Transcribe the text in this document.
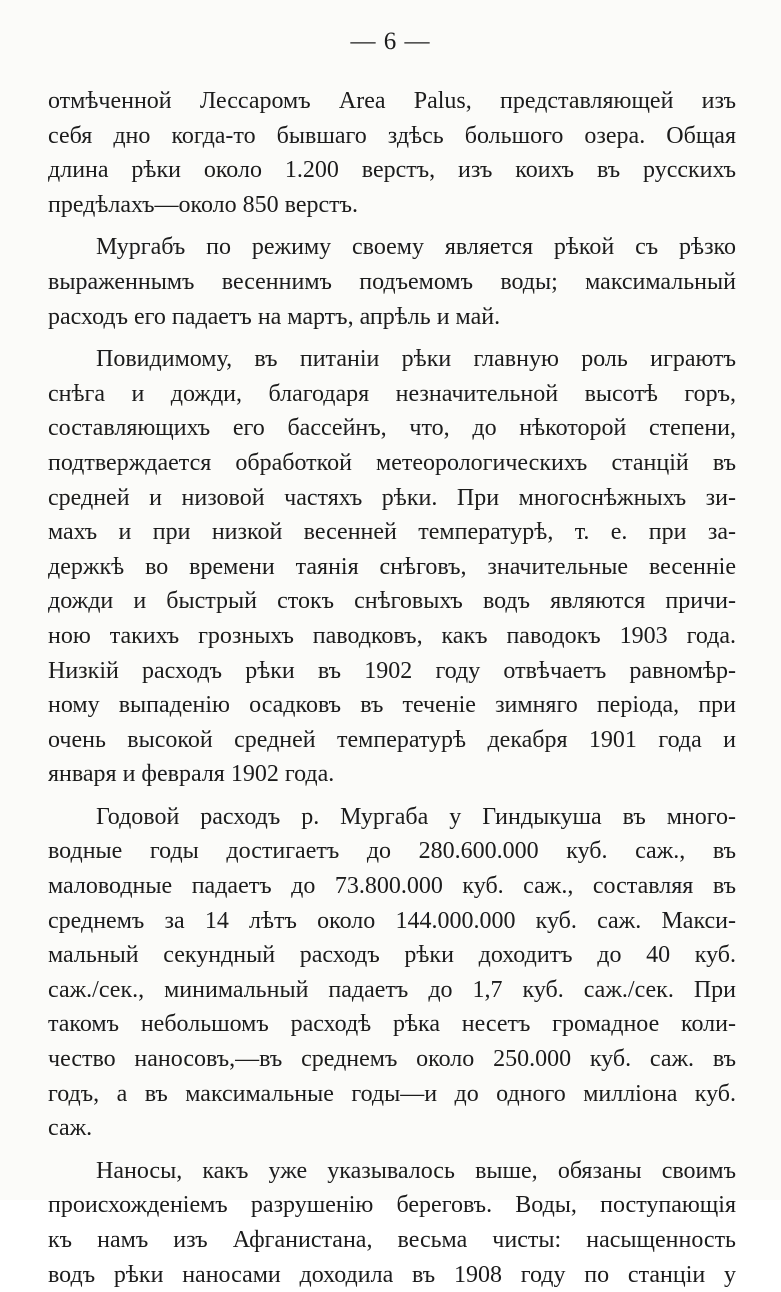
— 6 —
отмѣченной Лессаромъ Area Palus, представляющей изъ
себя дно когда-то бывшаго здѣсь большого озера. Общая
длина рѣки около 1.200 верстъ, изъ коихъ въ русскихъ
предѣлахъ—около 850 верстъ.
Мургабъ по режиму своему является рѣкой съ рѣзко
выраженнымъ весеннимъ подъемомъ воды; максимальный
расходъ его падаетъ на мартъ, апрѣль и май.
Повидимому, въ питаніи рѣки главную роль играютъ
снѣга и дожди, благодаря незначительной высотѣ горъ,
составляющихъ его бассейнъ, что, до нѣкоторой степени,
подтверждается обработкой метеорологическихъ станцій въ
средней и низовой частяхъ рѣки. При многоснѣжныхъ зи-
махъ и при низкой весенней температурѣ, т. е. при за-
держкѣ во времени таянія снѣговъ, значительные весенніе
дожди и быстрый стокъ снѣговыхъ водъ являются причи-
ною такихъ грозныхъ паводковъ, какъ паводокъ 1903 года.
Низкій расходъ рѣки въ 1902 году отвѣчаетъ равномѣр-
ному выпаденію осадковъ въ теченіе зимняго періода, при
очень высокой средней температурѣ декабря 1901 года и
января и февраля 1902 года.
Годовой расходъ р. Мургаба у Гиндыкуша въ много-
водные годы достигаетъ до 280.600.000 куб. саж., въ
маловодные падаетъ до 73.800.000 куб. саж., составляя въ
среднемъ за 14 лѣтъ около 144.000.000 куб. саж. Макси-
мальный секундный расходъ рѣки доходитъ до 40 куб.
саж./сек., минимальный падаетъ до 1,7 куб. саж./сек. При
такомъ небольшомъ расходѣ рѣка несетъ громадное коли-
чество наносовъ,—въ среднемъ около 250.000 куб. саж. въ
годъ, а въ максимальные годы—и до одного милліона куб.
саж.
Наносы, какъ уже указывалось выше, обязаны своимъ
происхожденіемъ разрушенію береговъ. Воды, поступающія
къ намъ изъ Афганистана, весьма чисты: насыщенность
водъ рѣки наносами доходила въ 1908 году по станціи у
